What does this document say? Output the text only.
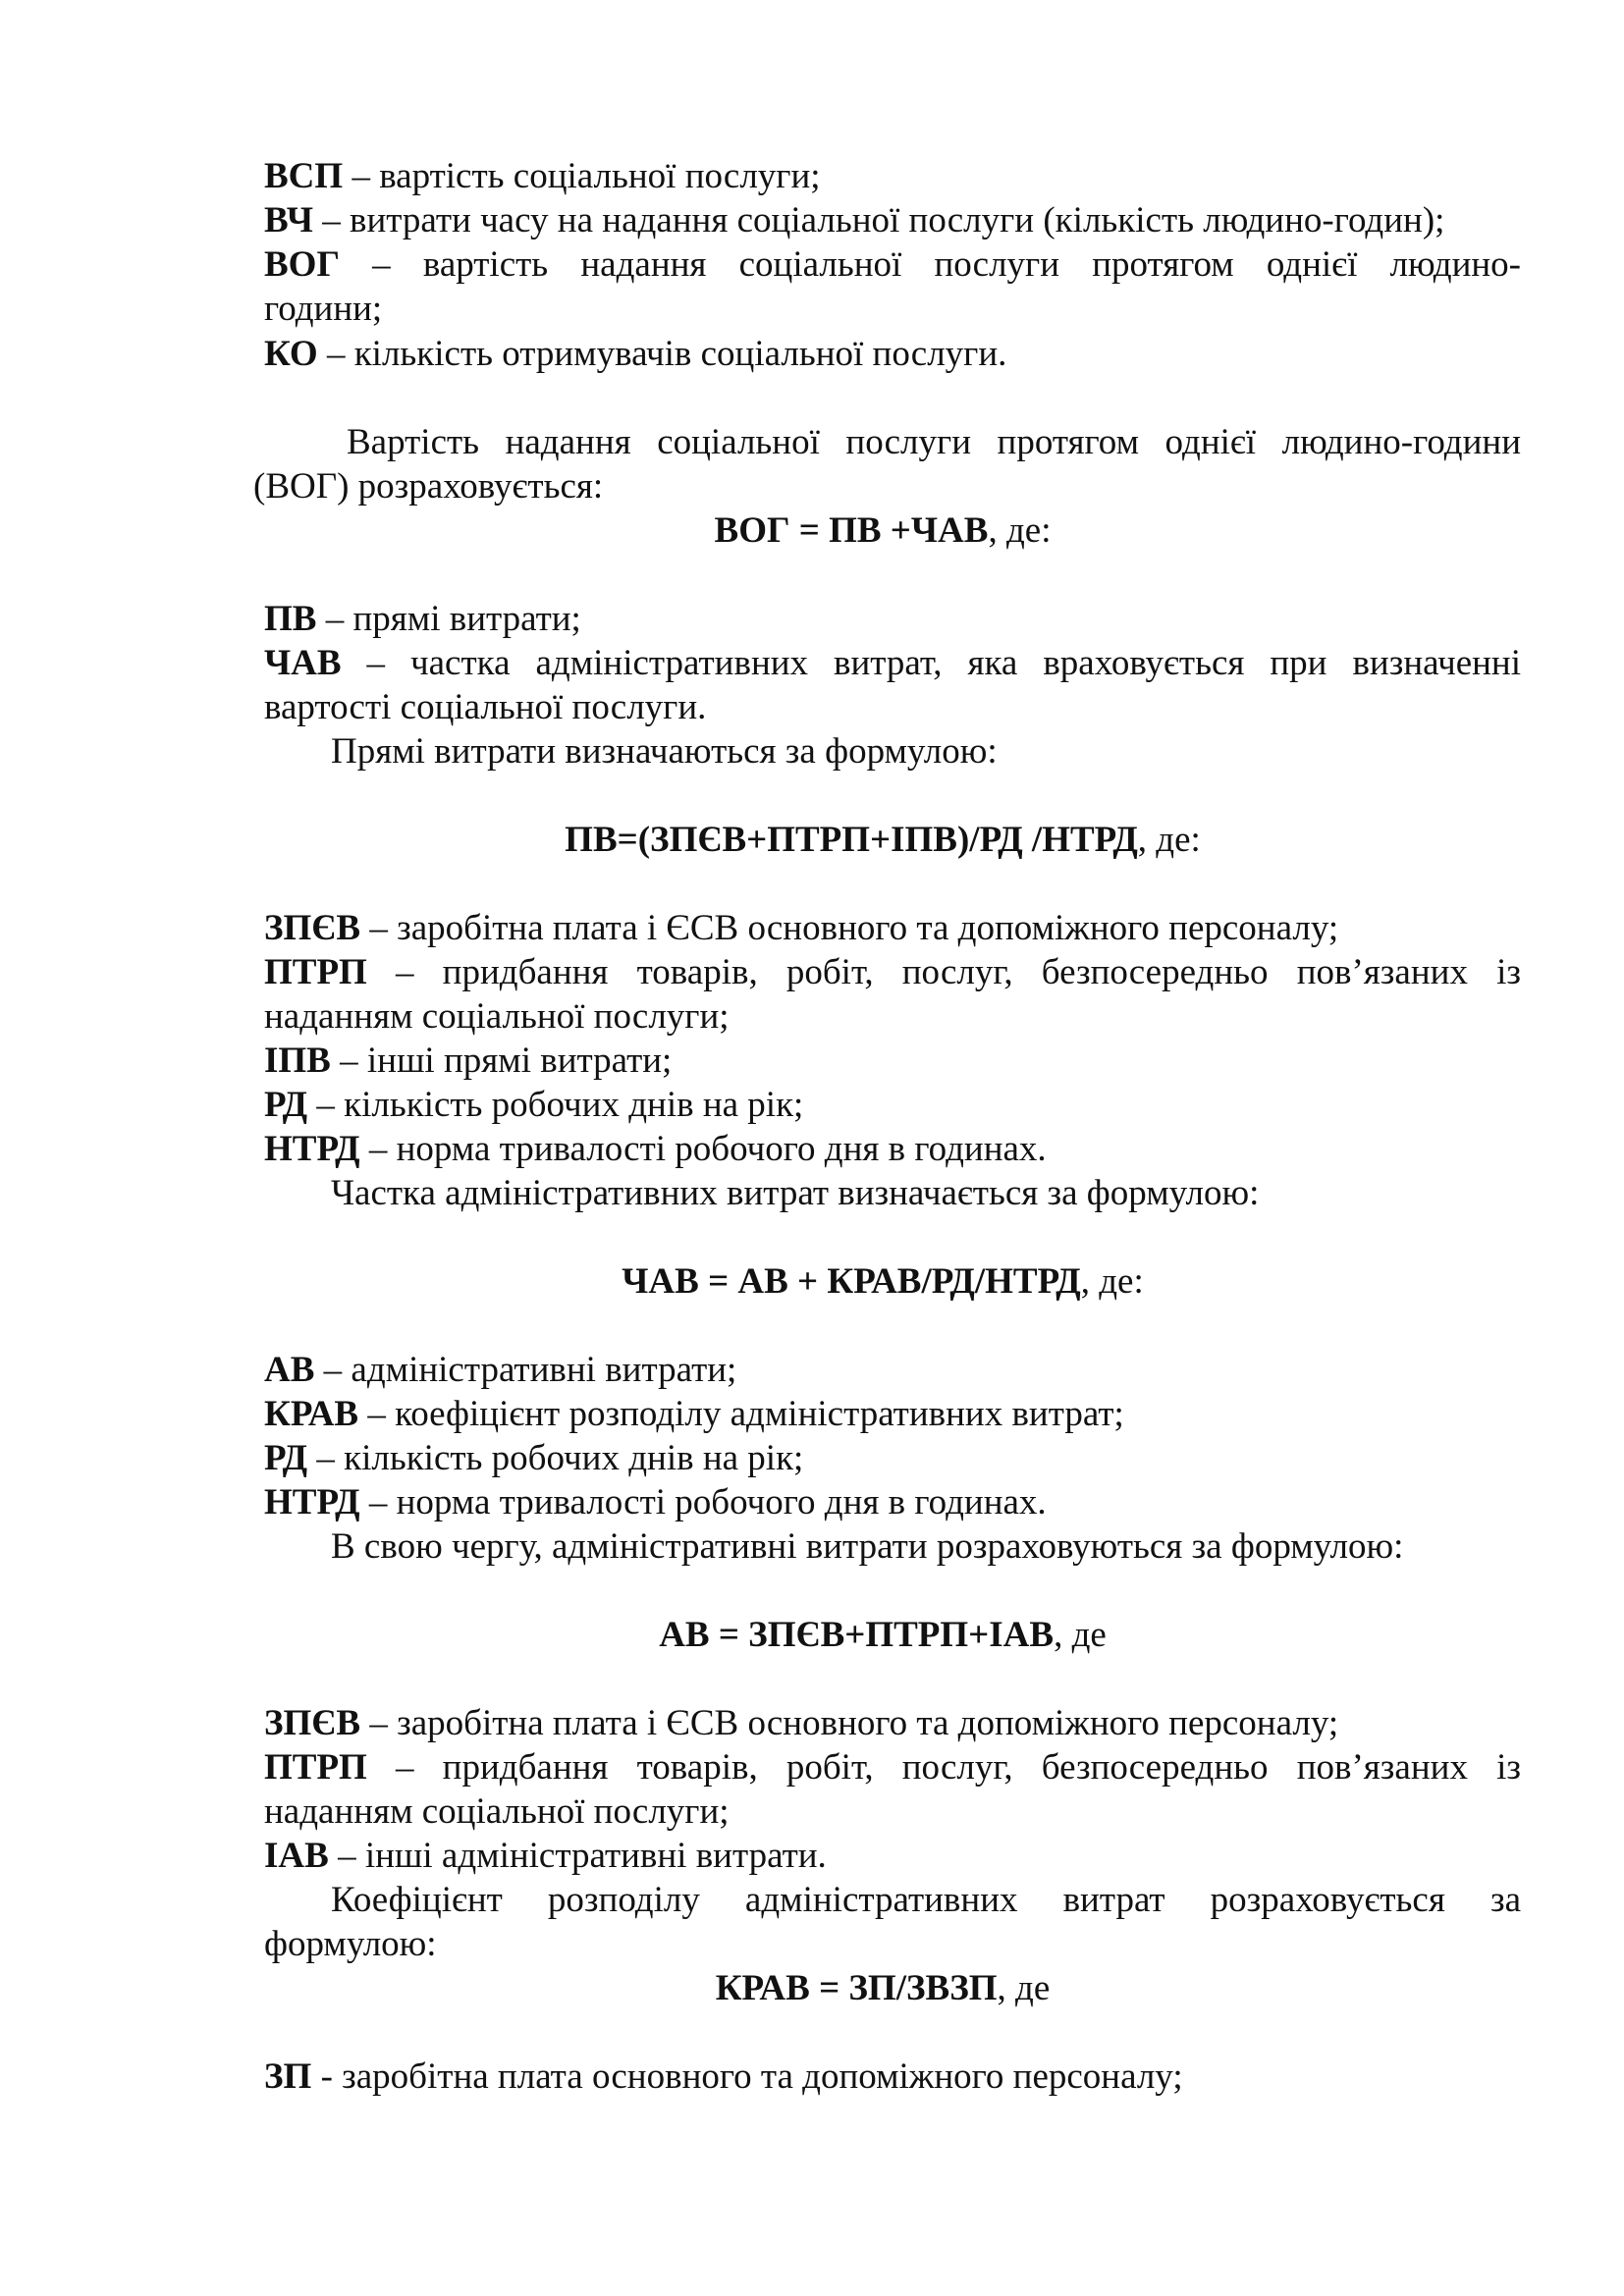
ВСП – вартість соціальної послуги;
ВЧ – витрати часу на надання соціальної послуги (кількість людино-годин);
ВОГ – вартість надання соціальної послуги протягом однієї людино-
години;
КО – кількість отримувачів соціальної послуги.
Вартість надання соціальної послуги протягом однієї людино-години
(ВОГ) розраховується:
ВОГ = ПВ +ЧАВ, де:
ПВ – прямі витрати;
ЧАВ – частка адміністративних витрат, яка враховується при визначенні
вартості соціальної послуги.
Прямі витрати визначаються за формулою:
ПВ=(ЗПЄВ+ПТРП+ІПВ)/РД /НТРД, де:
ЗПЄВ – заробітна плата і ЄСВ основного та допоміжного персоналу;
ПТРП – придбання товарів, робіт, послуг, безпосередньо пов’язаних із
наданням соціальної послуги;
ІПВ – інші прямі витрати;
РД – кількість робочих днів на рік;
НТРД – норма тривалості робочого дня в годинах.
Частка адміністративних витрат визначається за формулою:
ЧАВ = АВ + КРАВ/РД/НТРД, де:
АВ – адміністративні витрати;
КРАВ – коефіцієнт розподілу адміністративних витрат;
РД – кількість робочих днів на рік;
НТРД – норма тривалості робочого дня в годинах.
В свою чергу, адміністративні витрати розраховуються за формулою:
АВ = ЗПЄВ+ПТРП+ІАВ, де
ЗПЄВ – заробітна плата і ЄСВ основного та допоміжного персоналу;
ПТРП – придбання товарів, робіт, послуг, безпосередньо пов’язаних із
наданням соціальної послуги;
ІАВ – інші адміністративні витрати.
Коефіцієнт розподілу адміністративних витрат розраховується за
формулою:
КРАВ = ЗП/ЗВЗП, де
ЗП - заробітна плата основного та допоміжного персоналу;
